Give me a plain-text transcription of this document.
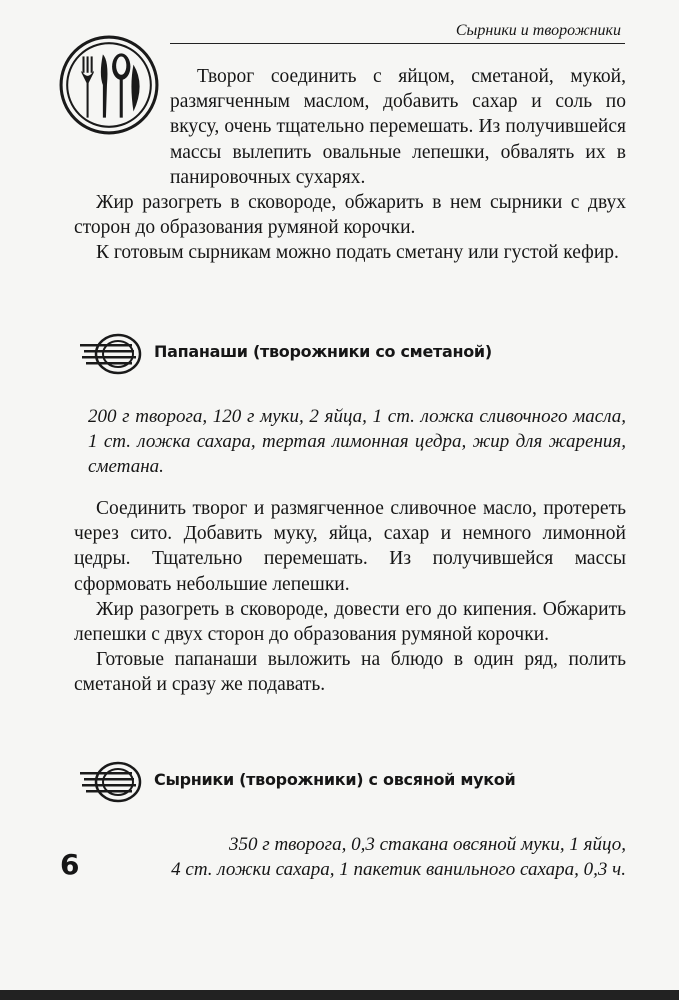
Сырники и творожники

Творог соединить с яйцом, сметаной, мукой, размягченным маслом, добавить сахар и соль по вкусу, очень тщательно перемешать. Из получившейся массы вылепить овальные лепешки, обвалять их в панировочных сухарях.

Жир разогреть в сковороде, обжарить в нем сырники с двух сторон до образования румяной корочки.

К готовым сырникам можно подать сметану или густой кефир.

Папанаши (творожники со сметаной)
200 г творога, 120 г муки, 2 яйца, 1 ст. ложка сливочного масла, 1 ст. ложка сахара, тертая лимонная цедра, жир для жарения, сметана.

Соединить творог и размягченное сливочное масло, протереть через сито. Добавить муку, яйца, сахар и немного лимонной цедры. Тщательно перемешать. Из получившейся массы сформовать небольшие лепешки.

Жир разогреть в сковороде, довести его до кипения. Обжарить лепешки с двух сторон до образования румяной корочки.

Готовые папанаши выложить на блюдо в один ряд, полить сметаной и сразу же подавать.

Сырники (творожники) с овсяной мукой
350 г творога, 0,3 стакана овсяной муки, 1 яйцо,
4 ст. ложки сахара, 1 пакетик ванильного сахара, 0,3 ч.
6
